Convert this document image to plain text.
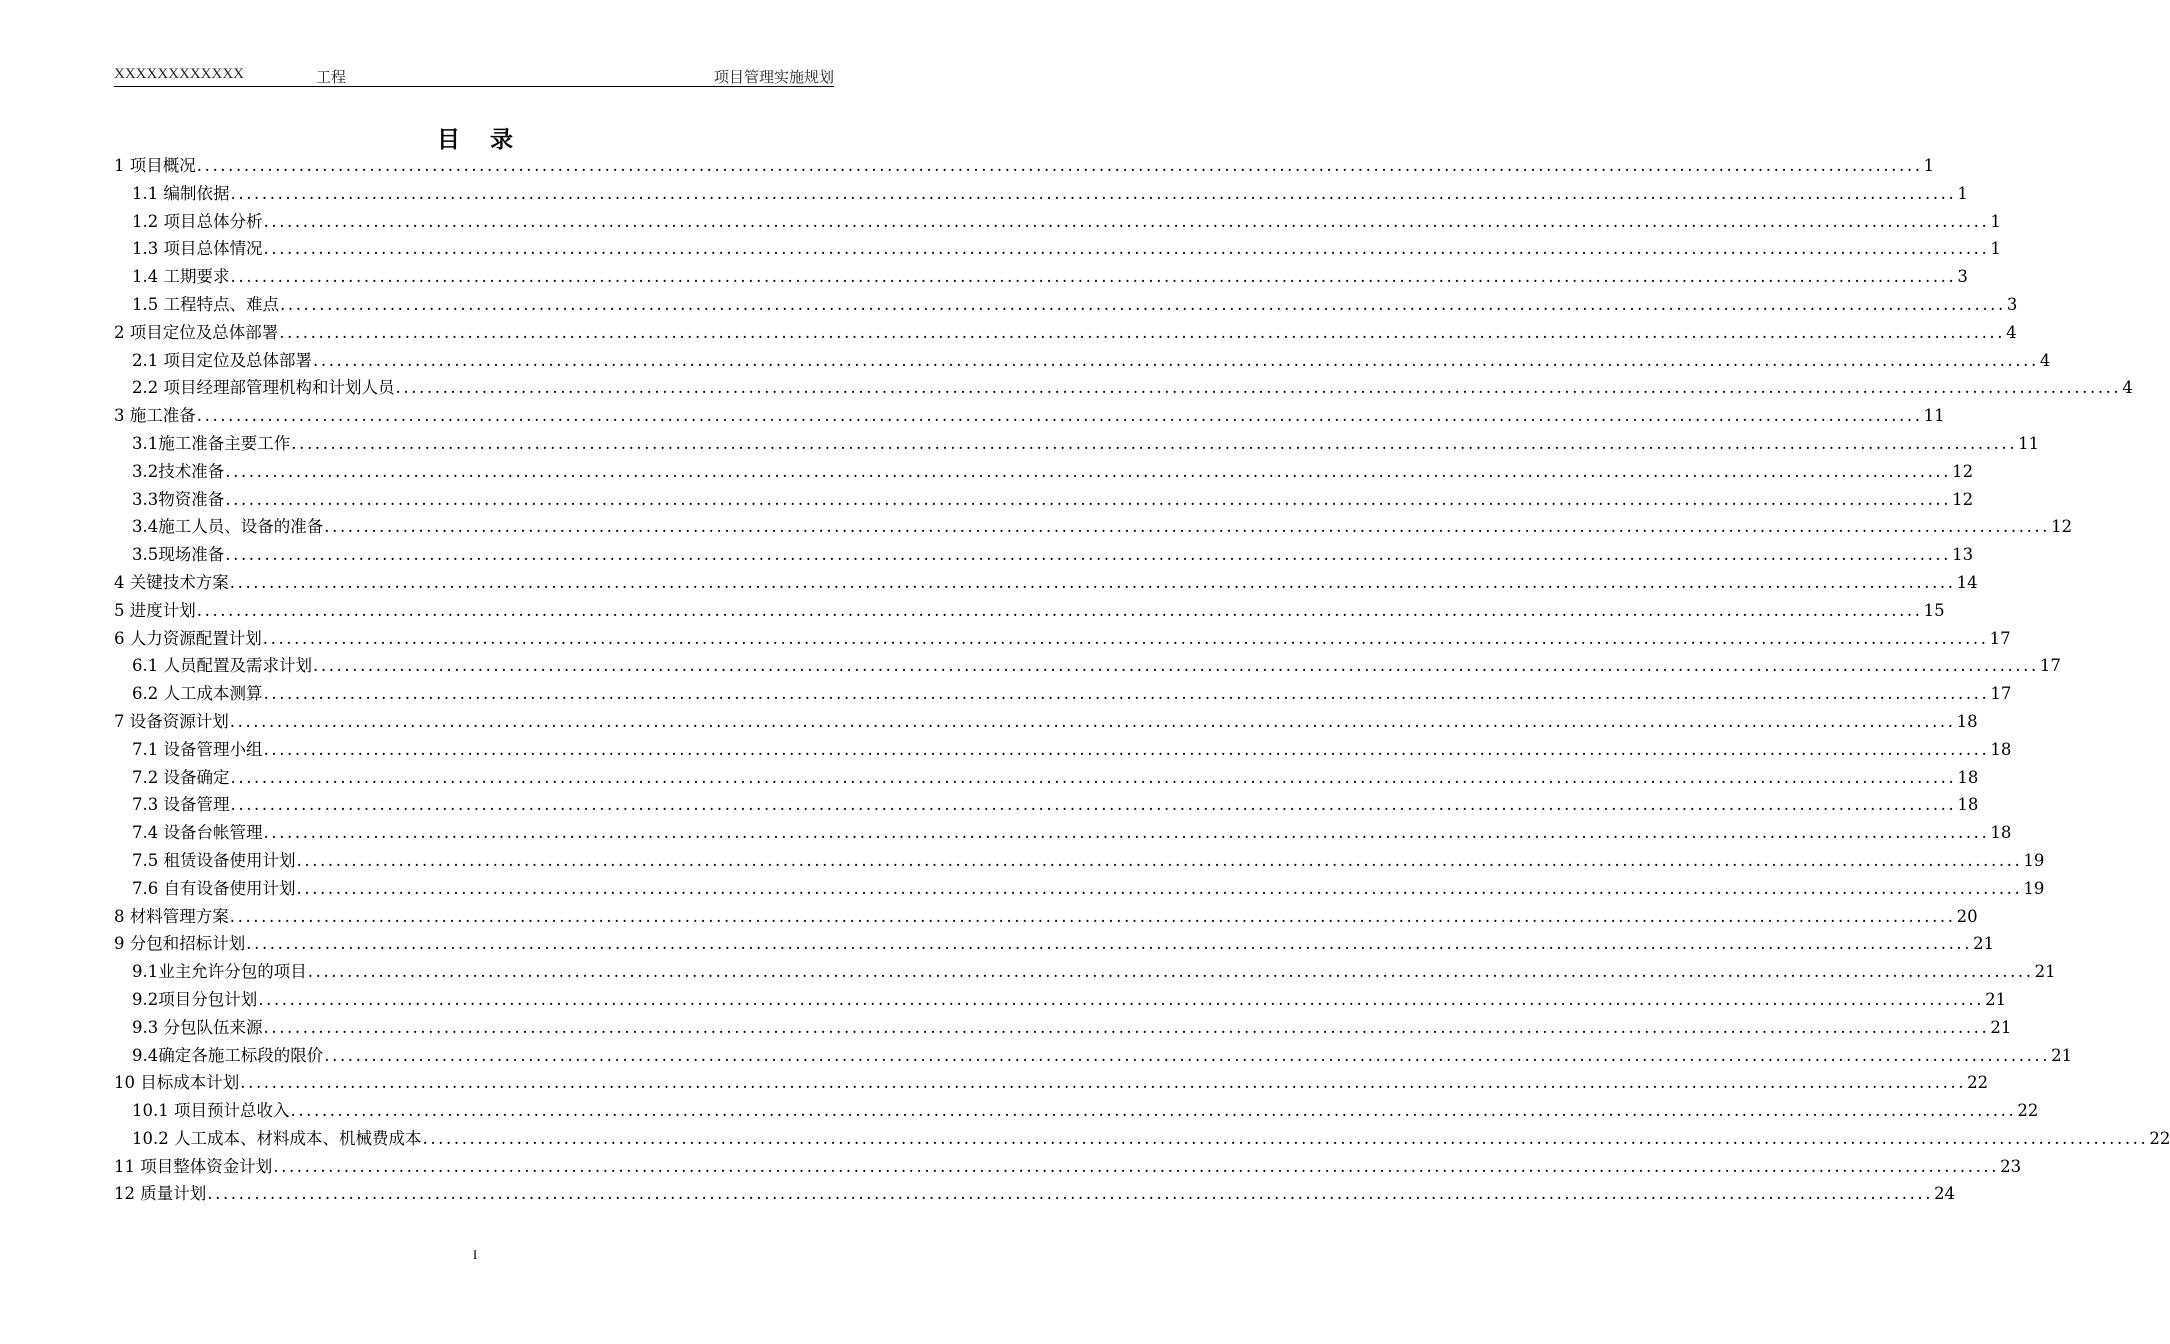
XXXXXXXXXXXX	工程	项目管理实施规划
目录
1 项目概况 ............................................................................................................................................................................................................................ 1
1.1 编制依据 ............................................................................................................................................................................................................................ 1
1.2 项目总体分析 ............................................................................................................................................................................................................................ 1
1.3 项目总体情况 ............................................................................................................................................................................................................................ 1
1.4 工期要求 ............................................................................................................................................................................................................................ 3
1.5 工程特点、难点 ............................................................................................................................................................................................................................ 3
2 项目定位及总体部署 ............................................................................................................................................................................................................................ 4
2.1 项目定位及总体部署 ............................................................................................................................................................................................................................ 4
2.2 项目经理部管理机构和计划人员 ............................................................................................................................................................................................................................ 4
3 施工准备 ............................................................................................................................................................................................................................ 11
3.1施工准备主要工作 ............................................................................................................................................................................................................................ 11
3.2技术准备 ............................................................................................................................................................................................................................ 12
3.3物资准备 ............................................................................................................................................................................................................................ 12
3.4施工人员、设备的准备 ............................................................................................................................................................................................................................ 12
3.5现场准备 ............................................................................................................................................................................................................................ 13
4 关键技术方案 ............................................................................................................................................................................................................................ 14
5 进度计划 ............................................................................................................................................................................................................................ 15
6 人力资源配置计划 ............................................................................................................................................................................................................................ 17
6.1 人员配置及需求计划 ............................................................................................................................................................................................................................ 17
6.2 人工成本测算 ............................................................................................................................................................................................................................ 17
7 设备资源计划 ............................................................................................................................................................................................................................ 18
7.1 设备管理小组 ............................................................................................................................................................................................................................ 18
7.2 设备确定 ............................................................................................................................................................................................................................ 18
7.3 设备管理 ............................................................................................................................................................................................................................ 18
7.4 设备台帐管理 ............................................................................................................................................................................................................................ 18
7.5 租赁设备使用计划 ............................................................................................................................................................................................................................ 19
7.6 自有设备使用计划 ............................................................................................................................................................................................................................ 19
8 材料管理方案 ............................................................................................................................................................................................................................ 20
9 分包和招标计划 ............................................................................................................................................................................................................................ 21
9.1业主允许分包的项目 ............................................................................................................................................................................................................................ 21
9.2项目分包计划 ............................................................................................................................................................................................................................ 21
9.3 分包队伍来源 ............................................................................................................................................................................................................................ 21
9.4确定各施工标段的限价 ............................................................................................................................................................................................................................ 21
10 目标成本计划 ............................................................................................................................................................................................................................ 22
10.1 项目预计总收入 ............................................................................................................................................................................................................................ 22
10.2 人工成本、材料成本、机械费成本 ............................................................................................................................................................................................................................ 22
11 项目整体资金计划 ............................................................................................................................................................................................................................ 23
12 质量计划 ............................................................................................................................................................................................................................ 24
I
